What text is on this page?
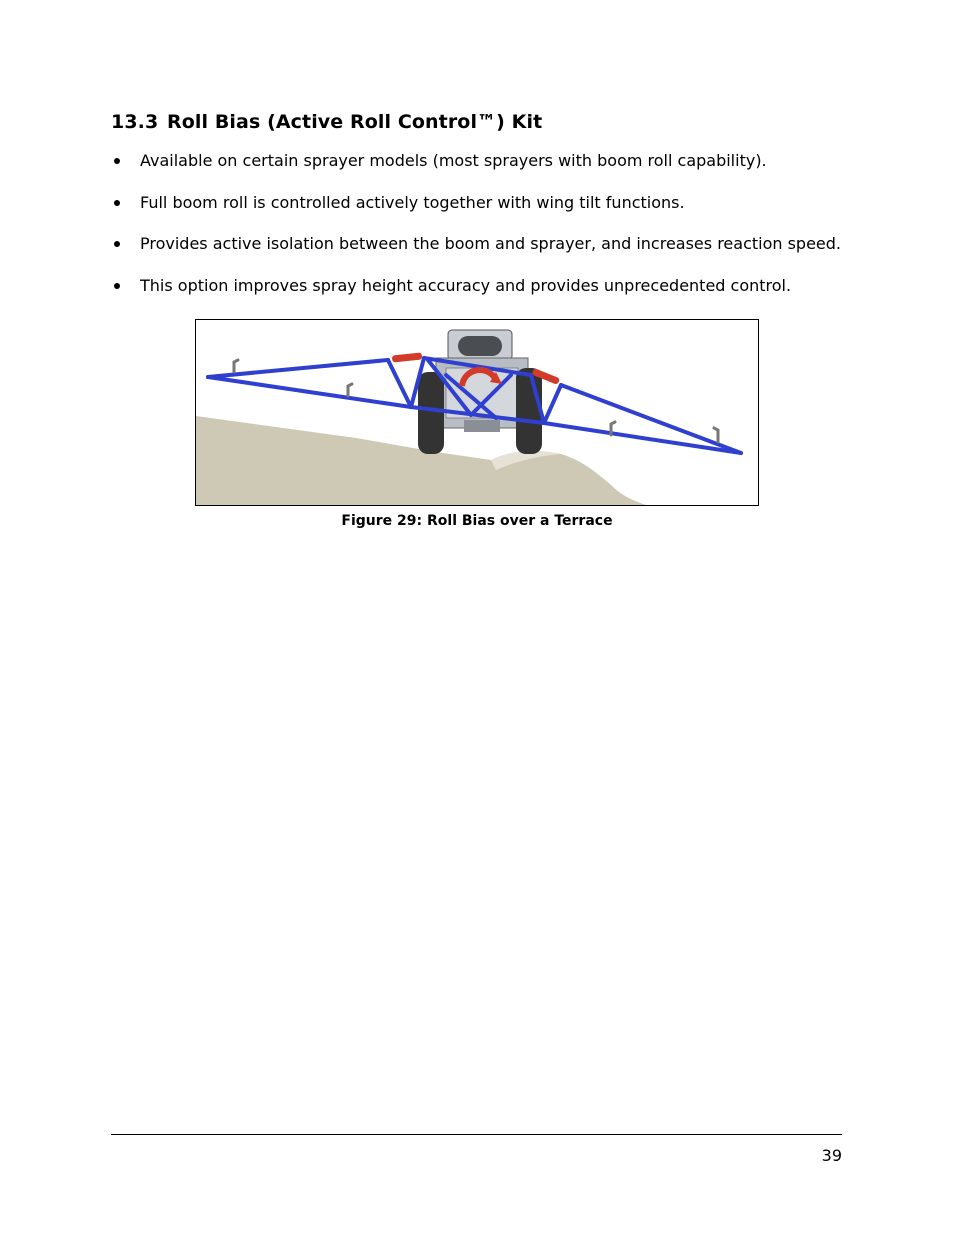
13.3 Roll Bias (Active Roll Control™) Kit
Available on certain sprayer models (most sprayers with boom roll capability).
Full boom roll is controlled actively together with wing tilt functions.
Provides active isolation between the boom and sprayer, and increases reaction speed.
This option improves spray height accuracy and provides unprecedented control.
Figure 29: Roll Bias over a Terrace
39
